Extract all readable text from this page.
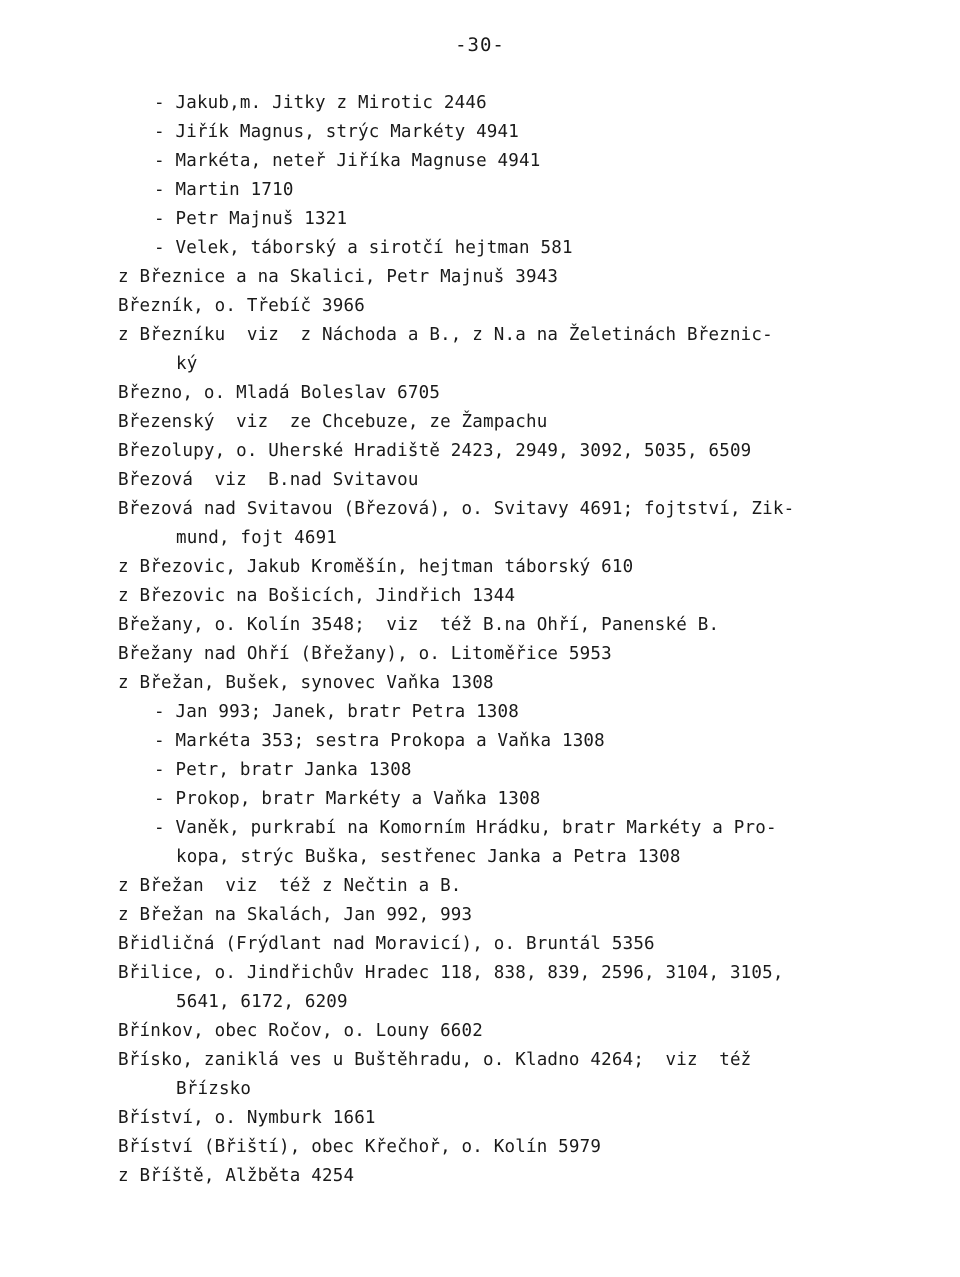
-30-
- Jakub,m. Jitky z Mirotic 2446
- Jiřík Magnus, strýc Markéty 4941
- Markéta, neteř Jiříka Magnuse 4941
- Martin 1710
- Petr Majnuš 1321
- Velek, táborský a sirotčí hejtman 581
z Březnice a na Skalici, Petr Majnuš 3943
Březník, o. Třebíč 3966
z Březníku  viz  z Náchoda a B., z N.a na Želetinách Březnic-
ký
Březno, o. Mladá Boleslav 6705
Březenský  viz  ze Chcebuze, ze Žampachu
Březolupy, o. Uherské Hradiště 2423, 2949, 3092, 5035, 6509
Březová  viz  B.nad Svitavou
Březová nad Svitavou (Březová), o. Svitavy 4691; fojtství, Zik-
mund, fojt 4691
z Březovic, Jakub Kroměšín, hejtman táborský 610
z Březovic na Bošicích, Jindřich 1344
Břežany, o. Kolín 3548;  viz  též B.na Ohří, Panenské B.
Břežany nad Ohří (Břežany), o. Litoměřice 5953
z Břežan, Bušek, synovec Vaňka 1308
- Jan 993; Janek, bratr Petra 1308
- Markéta 353; sestra Prokopa a Vaňka 1308
- Petr, bratr Janka 1308
- Prokop, bratr Markéty a Vaňka 1308
- Vaněk, purkrabí na Komorním Hrádku, bratr Markéty a Pro-
kopa, strýc Buška, sestřenec Janka a Petra 1308
z Břežan  viz  též z Nečtin a B.
z Břežan na Skalách, Jan 992, 993
Břidličná (Frýdlant nad Moravicí), o. Bruntál 5356
Břilice, o. Jindřichův Hradec 118, 838, 839, 2596, 3104, 3105,
5641, 6172, 6209
Břínkov, obec Ročov, o. Louny 6602
Břísko, zaniklá ves u Buštěhradu, o. Kladno 4264;  viz  též
Břízsko
Bříství, o. Nymburk 1661
Bříství (Břiští), obec Křečhoř, o. Kolín 5979
z Bříště, Alžběta 4254
